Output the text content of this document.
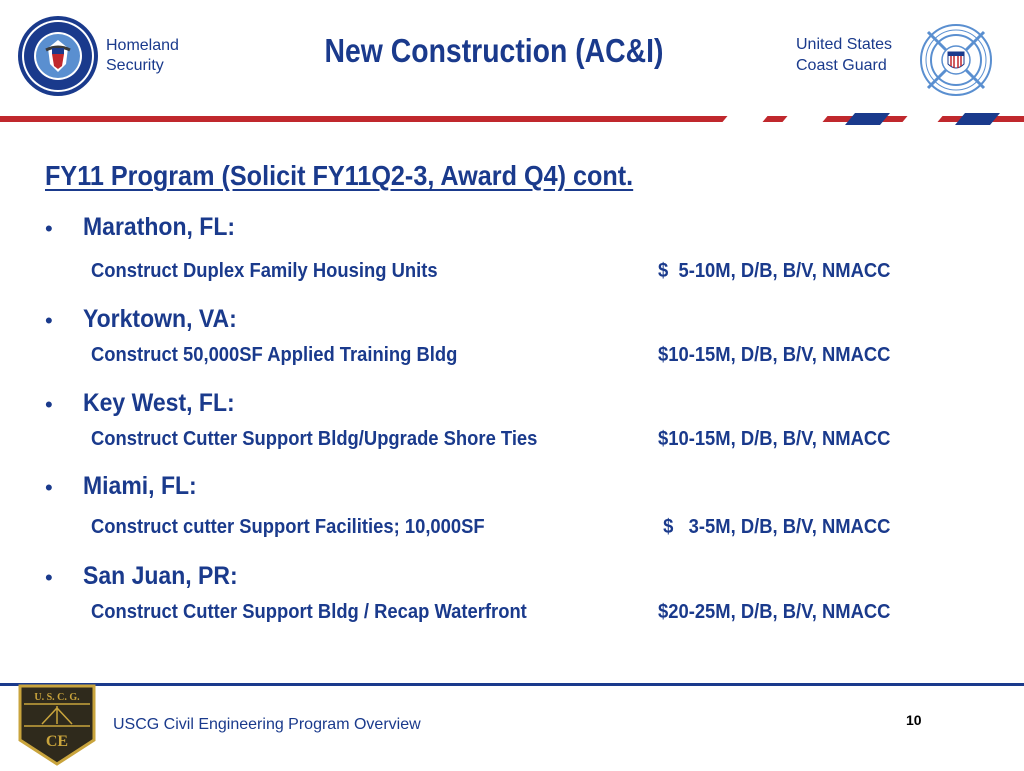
Homeland
Security	New Construction (AC&I)	United States
Coast Guard
FY11 Program (Solicit FY11Q2-3, Award Q4) cont.
• Marathon, FL:
Construct Duplex Family Housing Units	$  5-10M, D/B, B/V, NMACC
• Yorktown, VA:
Construct 50,000SF Applied Training Bldg	$10-15M, D/B, B/V, NMACC
• Key West, FL:
Construct Cutter Support Bldg/Upgrade Shore Ties	$10-15M, D/B, B/V, NMACC
• Miami, FL:
Construct cutter Support Facilities; 10,000SF	$   3-5M, D/B, B/V, NMACC
• San Juan, PR:
Construct Cutter Support Bldg / Recap Waterfront	$20-25M, D/B, B/V, NMACC
U. S. C. G.
CE
USCG Civil Engineering Program Overview	10
